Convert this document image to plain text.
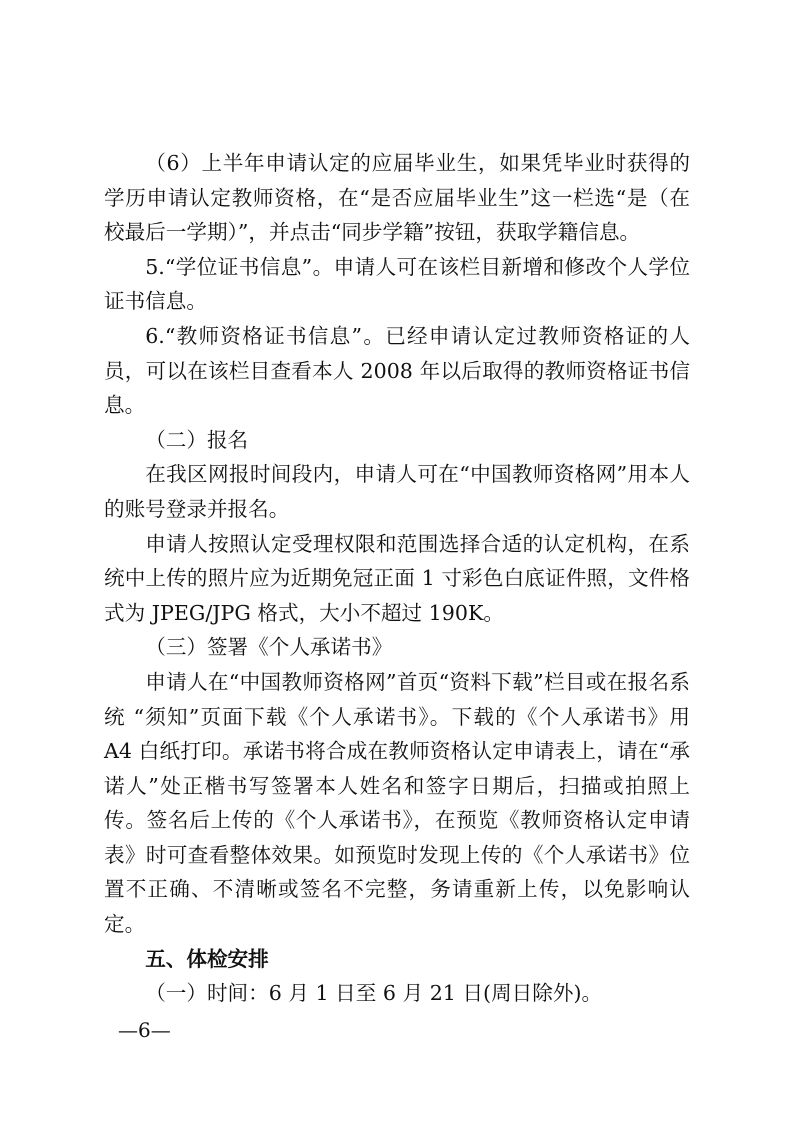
（6）上半年申请认定的应届毕业生，如果凭毕业时获得的学历申请认定教师资格，在“是否应届毕业生”这一栏选“是（在校最后一学期）”，并点击“同步学籍”按钮，获取学籍信息。

5.“学位证书信息”。申请人可在该栏目新增和修改个人学位证书信息。

6.“教师资格证书信息”。已经申请认定过教师资格证的人员，可以在该栏目查看本人 2008 年以后取得的教师资格证书信息。

（二）报名

在我区网报时间段内，申请人可在“中国教师资格网”用本人的账号登录并报名。

申请人按照认定受理权限和范围选择合适的认定机构，在系统中上传的照片应为近期免冠正面 1 寸彩色白底证件照，文件格式为 JPEG/JPG 格式，大小不超过 190K。

（三）签署《个人承诺书》

申请人在“中国教师资格网”首页“资料下载”栏目或在报名系统 “须知”页面下载《个人承诺书》。下载的《个人承诺书》用 A4 白纸打印。承诺书将合成在教师资格认定申请表上，请在“承诺人”处正楷书写签署本人姓名和签字日期后，扫描或拍照上传。签名后上传的《个人承诺书》，在预览《教师资格认定申请表》时可查看整体效果。如预览时发现上传的《个人承诺书》位置不正确、不清晰或签名不完整，务请重新上传，以免影响认定。

五、体检安排

（一）时间：6 月 1 日至 6 月 21 日(周日除外)。

—6—
